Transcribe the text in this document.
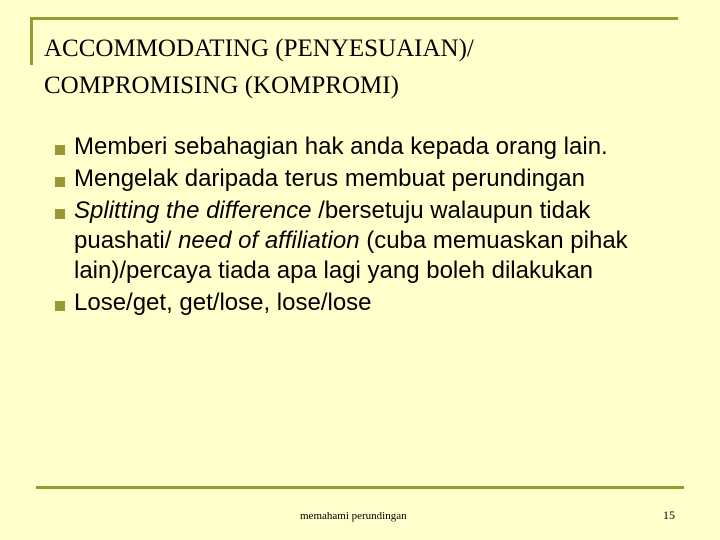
ACCOMMODATING (PENYESUAIAN)/
COMPROMISING (KOMPROMI)
Memberi sebahagian hak anda kepada orang lain.
Mengelak daripada terus membuat perundingan
Splitting the difference /bersetuju walaupun tidak puashati/ need of affiliation (cuba memuaskan pihak lain)/percaya tiada apa lagi yang boleh dilakukan
Lose/get, get/lose, lose/lose
memahami perundingan	15
